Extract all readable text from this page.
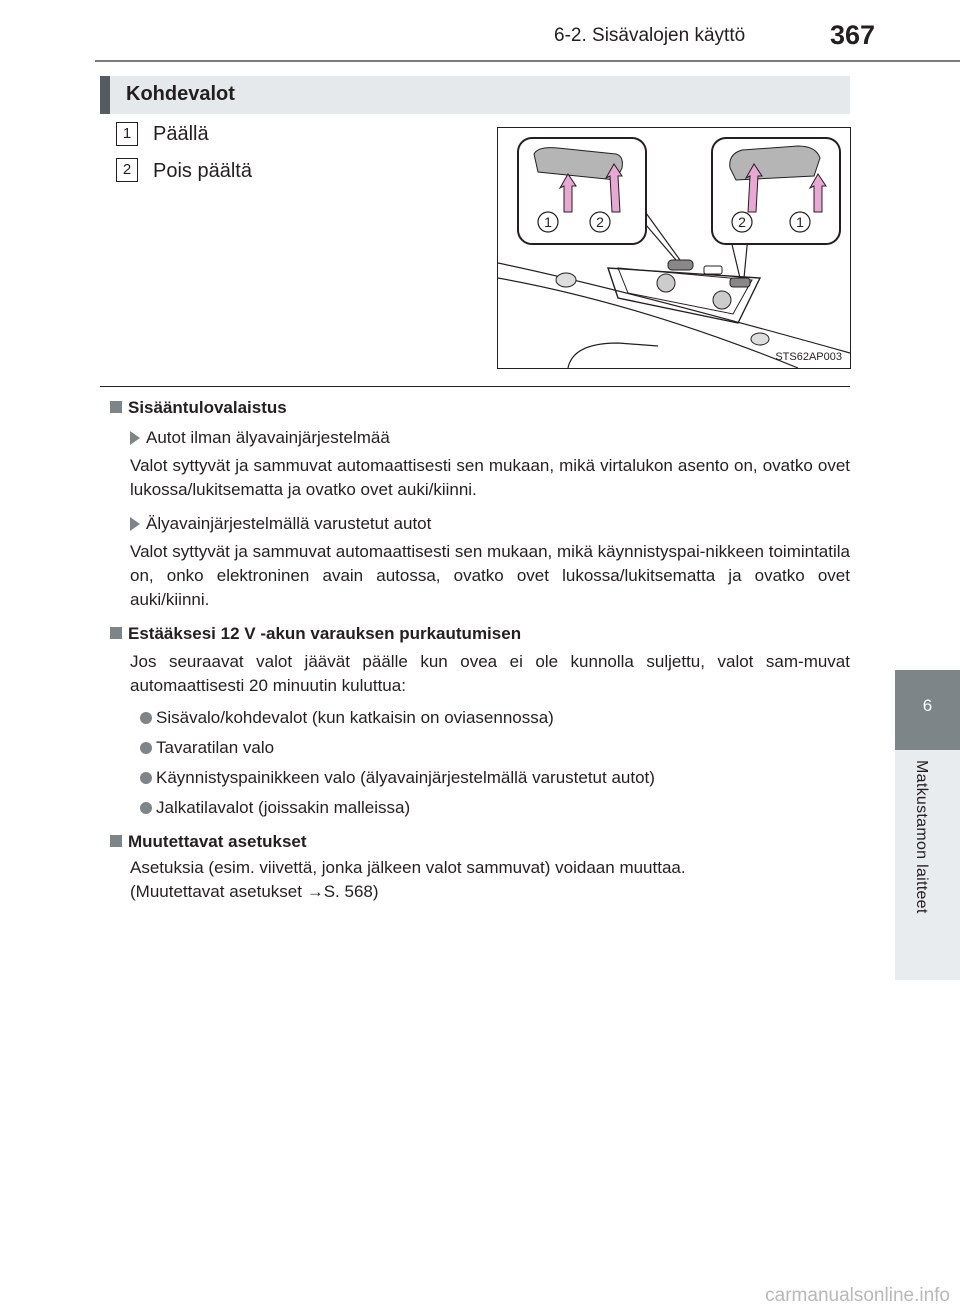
6-2. Sisävalojen käyttö	367
6
Matkustamon laitteet
Kohdevalot
1	Päällä
2	Pois päältä
1	2	2	1
STS62AP003
Sisääntulovalaistus
Autot ilman älyavainjärjestelmää
Valot syttyvät ja sammuvat automaattisesti sen mukaan, mikä virtalukon asento on, ovatko ovet lukossa/lukitsematta ja ovatko ovet auki/kiinni.
Älyavainjärjestelmällä varustetut autot
Valot syttyvät ja sammuvat automaattisesti sen mukaan, mikä käynnistyspai-nikkeen toimintatila on, onko elektroninen avain autossa, ovatko ovet lukossa/lukitsematta ja ovatko ovet auki/kiinni.
Estääksesi 12 V -akun varauksen purkautumisen
Jos seuraavat valot jäävät päälle kun ovea ei ole kunnolla suljettu, valot sam-muvat automaattisesti 20 minuutin kuluttua:
Sisävalo/kohdevalot (kun katkaisin on oviasennossa)
Tavaratilan valo
Käynnistyspainikkeen valo (älyavainjärjestelmällä varustetut autot)
Jalkatilavalot (joissakin malleissa)
Muutettavat asetukset
Asetuksia (esim. viivettä, jonka jälkeen valot sammuvat) voidaan muuttaa.
(Muutettavat asetukset →S. 568)
carmanualsonline.info
